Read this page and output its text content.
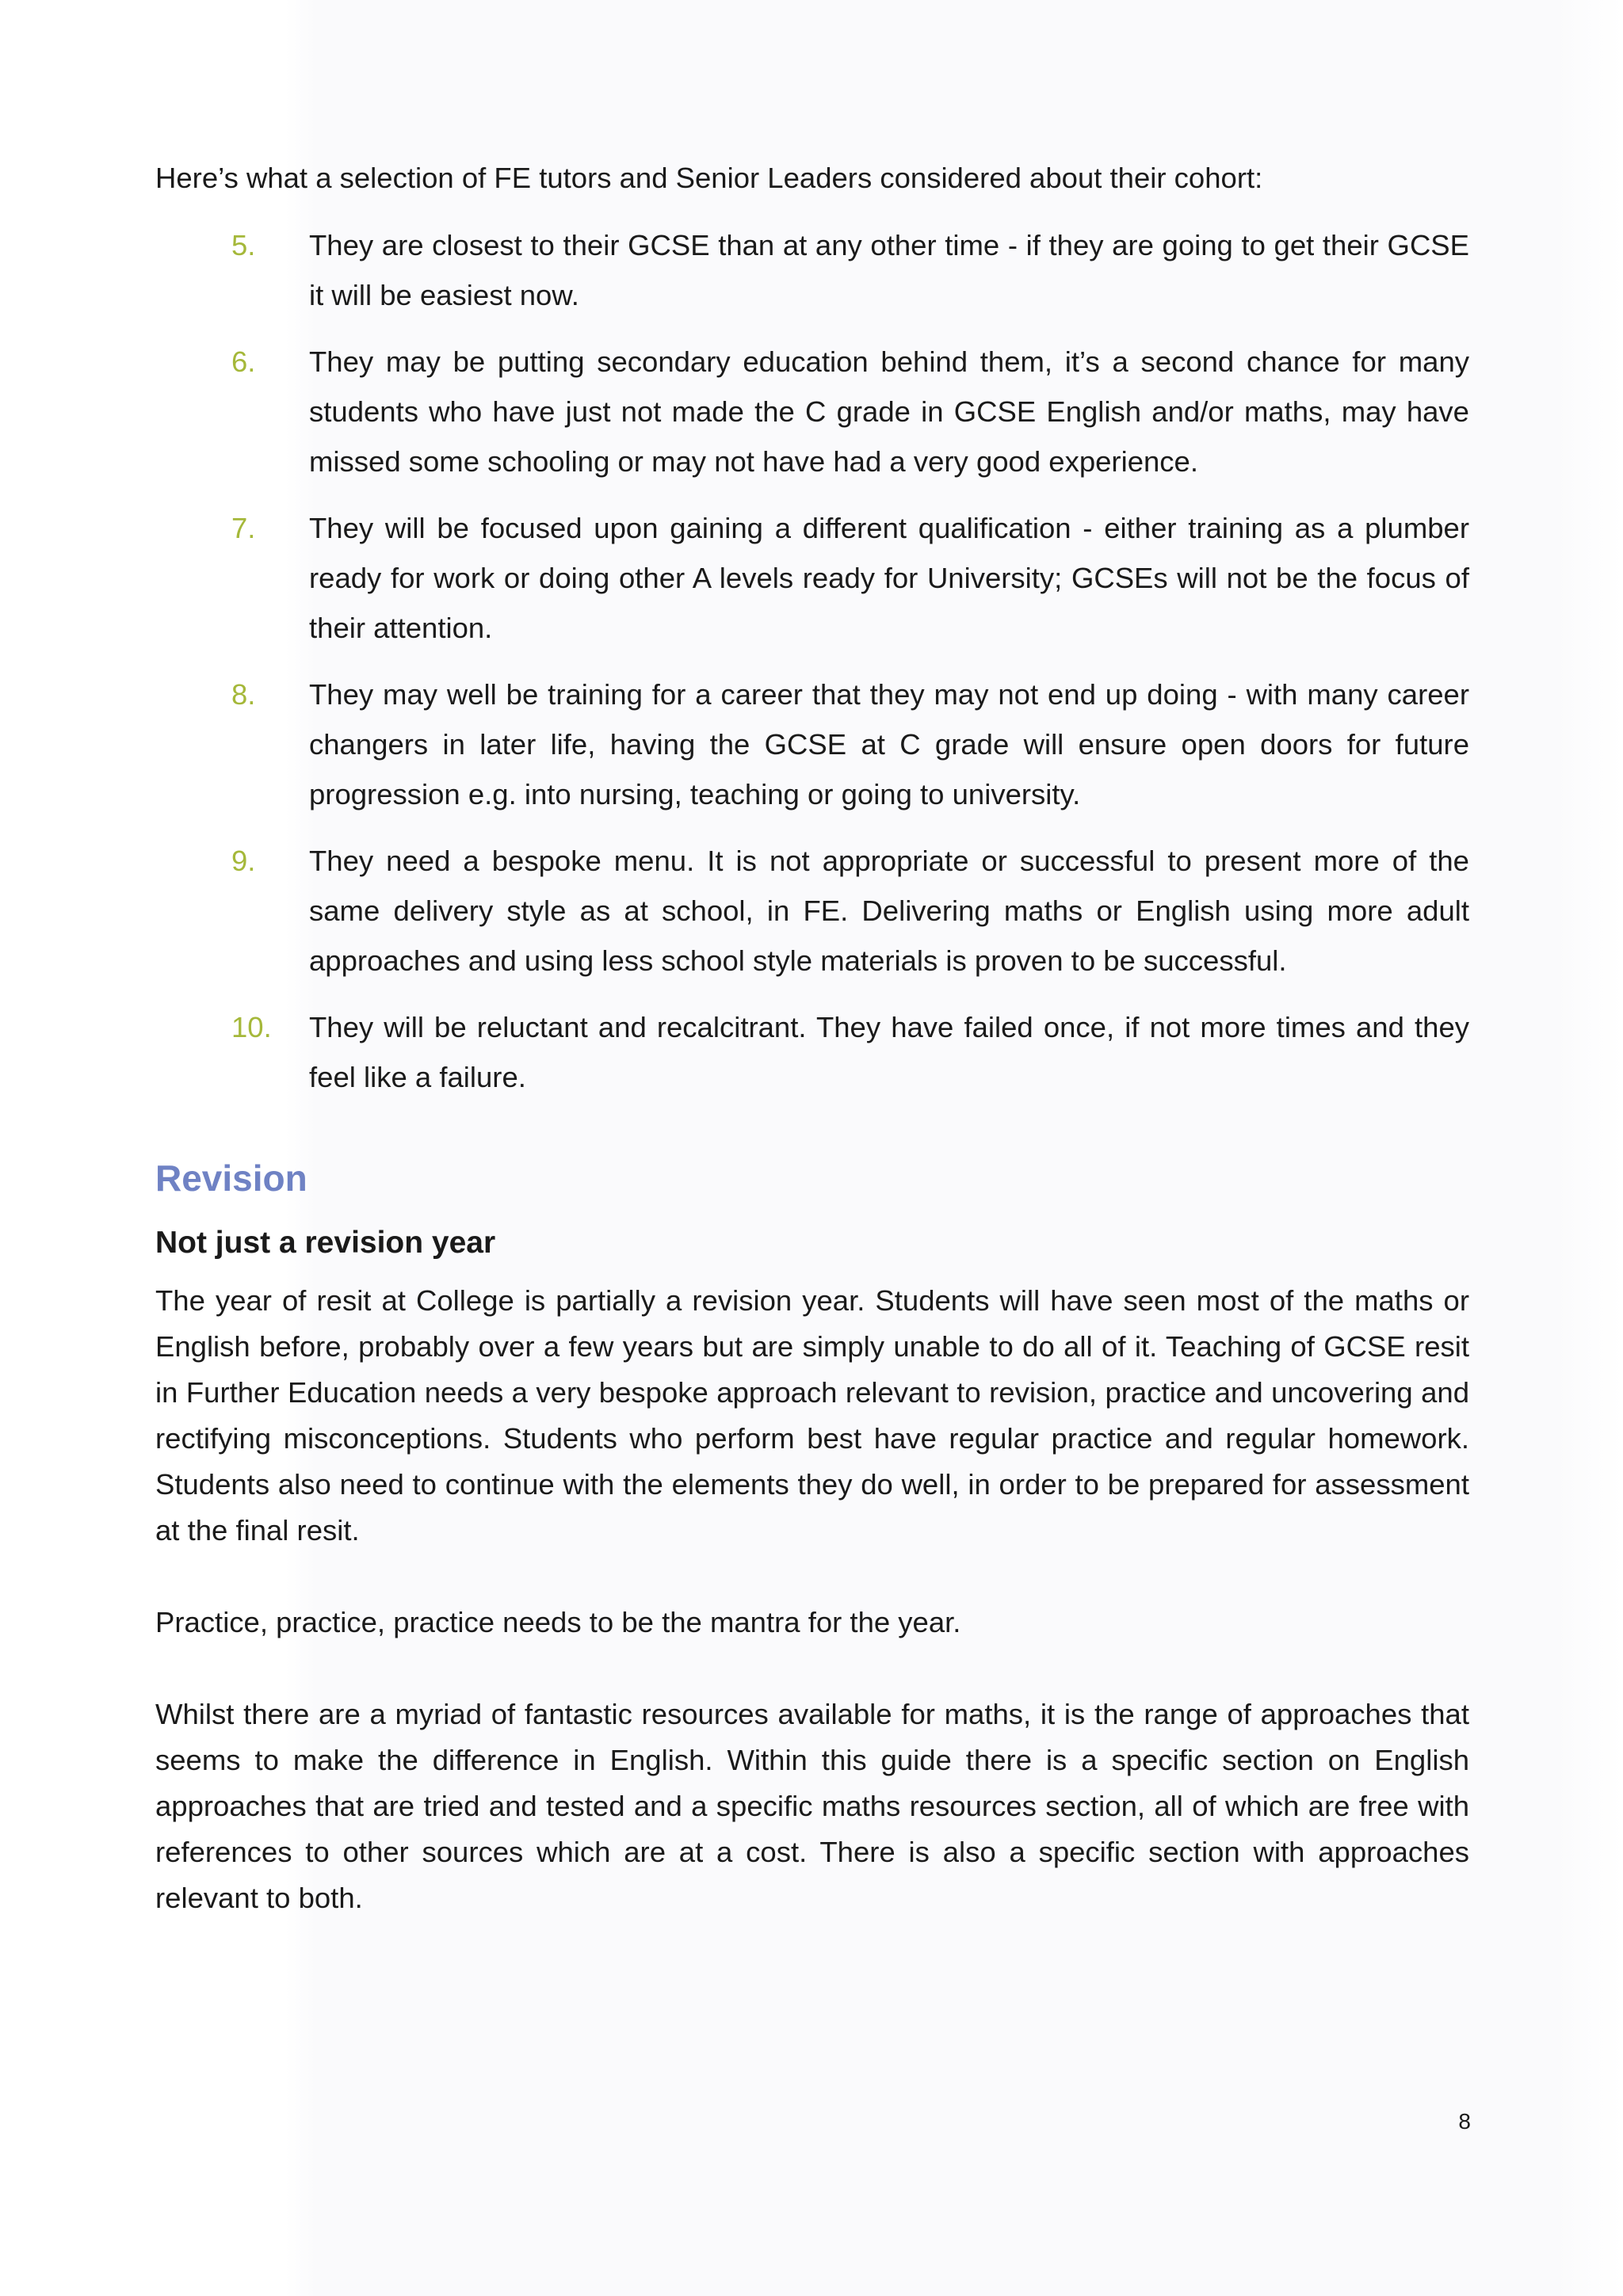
Here’s what a selection of FE tutors and Senior Leaders considered about their cohort:

5. They are closest to their GCSE than at any other time - if they are going to get their GCSE it will be easiest now.
6. They may be putting secondary education behind them, it’s a second chance for many students who have just not made the C grade in GCSE English and/or maths, may have missed some schooling or may not have had a very good experience.
7. They will be focused upon gaining a different qualification - either training as a plumber ready for work or doing other A levels ready for University; GCSEs will not be the focus of their attention.
8. They may well be training for a career that they may not end up doing - with many career changers in later life, having the GCSE at C grade will ensure open doors for future progression e.g. into nursing, teaching or going to university.
9. They need a bespoke menu. It is not appropriate or successful to present more of the same delivery style as at school, in FE. Delivering maths or English using more adult approaches and using less school style materials is proven to be successful.
10. They will be reluctant and recalcitrant. They have failed once, if not more times and they feel like a failure.
Revision
Not just a revision year

The year of resit at College is partially a revision year. Students will have seen most of the maths or English before, probably over a few years but are simply unable to do all of it. Teaching of GCSE resit in Further Education needs a very bespoke approach relevant to revision, practice and uncovering and rectifying misconceptions. Students who perform best have regular practice and regular homework. Students also need to continue with the elements they do well, in order to be prepared for assessment at the final resit.

Practice, practice, practice needs to be the mantra for the year.

Whilst there are a myriad of fantastic resources available for maths, it is the range of approaches that seems to make the difference in English. Within this guide there is a specific section on English approaches that are tried and tested and a specific maths resources section, all of which are free with references to other sources which are at a cost. There is also a specific section with approaches relevant to both.

8
